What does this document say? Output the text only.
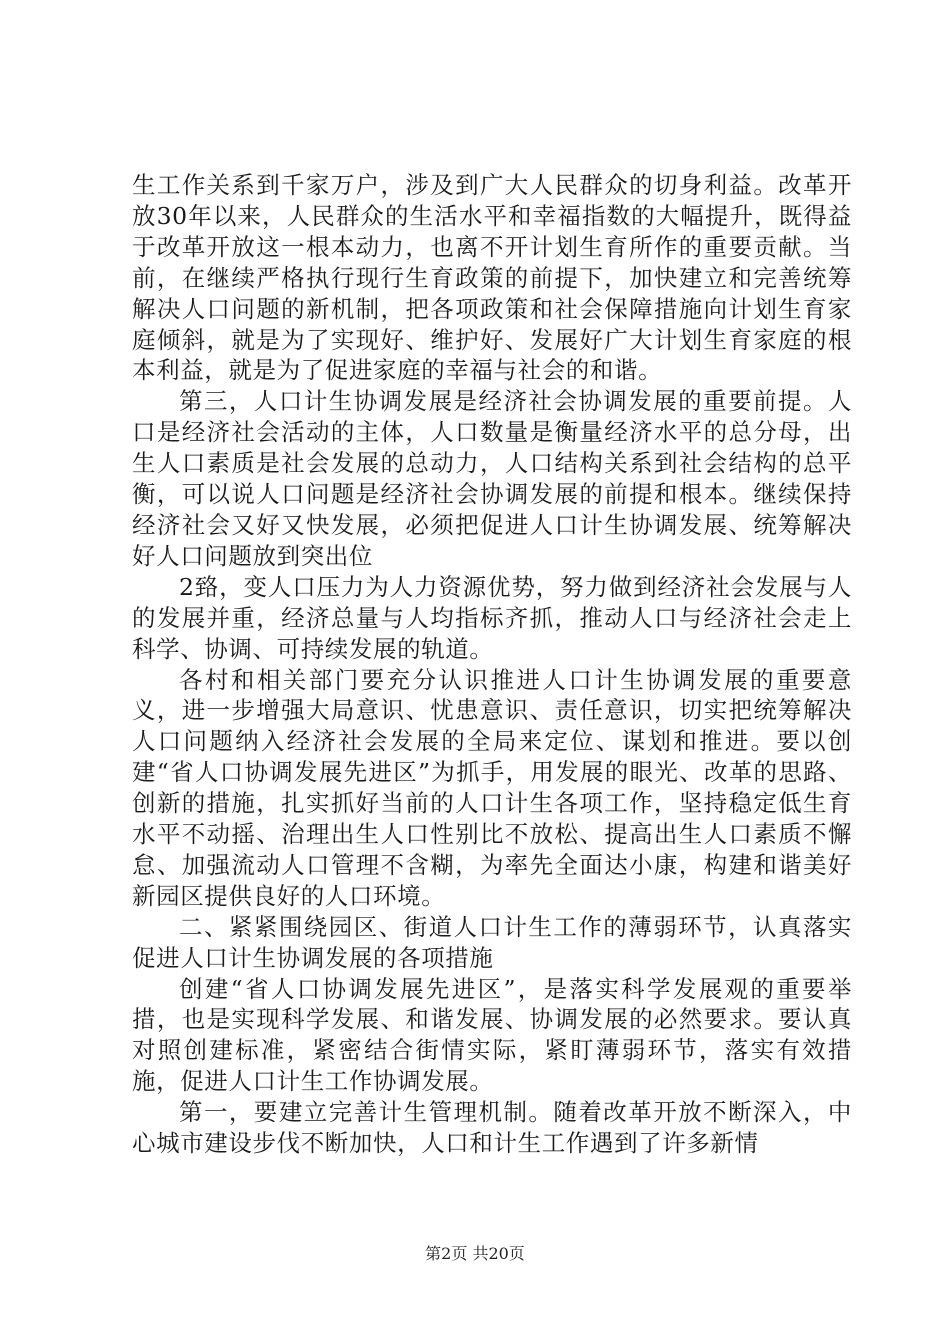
生工作关系到千家万户，涉及到广大人民群众的切身利益。改革开放30年以来，人民群众的生活水平和幸福指数的大幅提升，既得益于改革开放这一根本动力，也离不开计划生育所作的重要贡献。当前，在继续严格执行现行生育政策的前提下，加快建立和完善统筹解决人口问题的新机制，把各项政策和社会保障措施向计划生育家庭倾斜，就是为了实现好、维护好、发展好广大计划生育家庭的根本利益，就是为了促进家庭的幸福与社会的和谐。

第三，人口计生协调发展是经济社会协调发展的重要前提。人口是经济社会活动的主体，人口数量是衡量经济水平的总分母，出生人口素质是社会发展的总动力，人口结构关系到社会结构的总平衡，可以说人口问题是经济社会协调发展的前提和根本。继续保持经济社会又好又快发展，必须把促进人口计生协调发展、统筹解决好人口问题放到突出位

2臵，变人口压力为人力资源优势，努力做到经济社会发展与人的发展并重，经济总量与人均指标齐抓，推动人口与经济社会走上科学、协调、可持续发展的轨道。

各村和相关部门要充分认识推进人口计生协调发展的重要意义，进一步增强大局意识、忧患意识、责任意识，切实把统筹解决人口问题纳入经济社会发展的全局来定位、谋划和推进。要以创建“省人口协调发展先进区”为抓手，用发展的眼光、改革的思路、创新的措施，扎实抓好当前的人口计生各项工作，坚持稳定低生育水平不动摇、治理出生人口性别比不放松、提高出生人口素质不懈怠、加强流动人口管理不含糊，为率先全面达小康，构建和谐美好新园区提供良好的人口环境。

二、紧紧围绕园区、街道人口计生工作的薄弱环节，认真落实促进人口计生协调发展的各项措施

创建“省人口协调发展先进区”，是落实科学发展观的重要举措，也是实现科学发展、和谐发展、协调发展的必然要求。要认真对照创建标准，紧密结合街情实际，紧盯薄弱环节，落实有效措施，促进人口计生工作协调发展。

第一，要建立完善计生管理机制。随着改革开放不断深入，中心城市建设步伐不断加快，人口和计生工作遇到了许多新情

第2页 共20页
